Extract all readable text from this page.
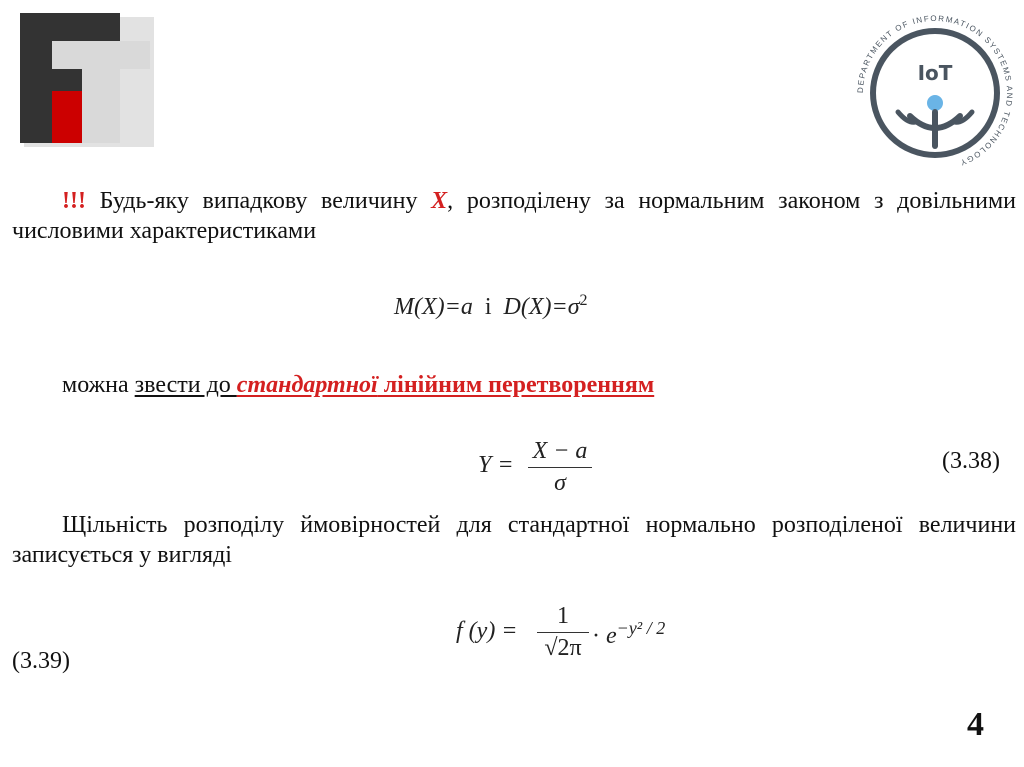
DEPARTMENT OF INFORMATION SYSTEMS AND TECHNOLOGY
IoT
!!! Будь-яку випадкову величину X, розподілену за нормальним законом з довільними числовими характеристиками
M(X)=a і $D(X)=\sigma^2$
можна звести до стандартної лінійним перетворенням
Y =
X − a
σ
(3.38)
Щільність розподілу ймовірностей для стандартної нормально розподіленої величини записується у вигляді
f (y) =
1
$√2\pi \cdot e^{-y^2 / 2}$
(3.39)
4
